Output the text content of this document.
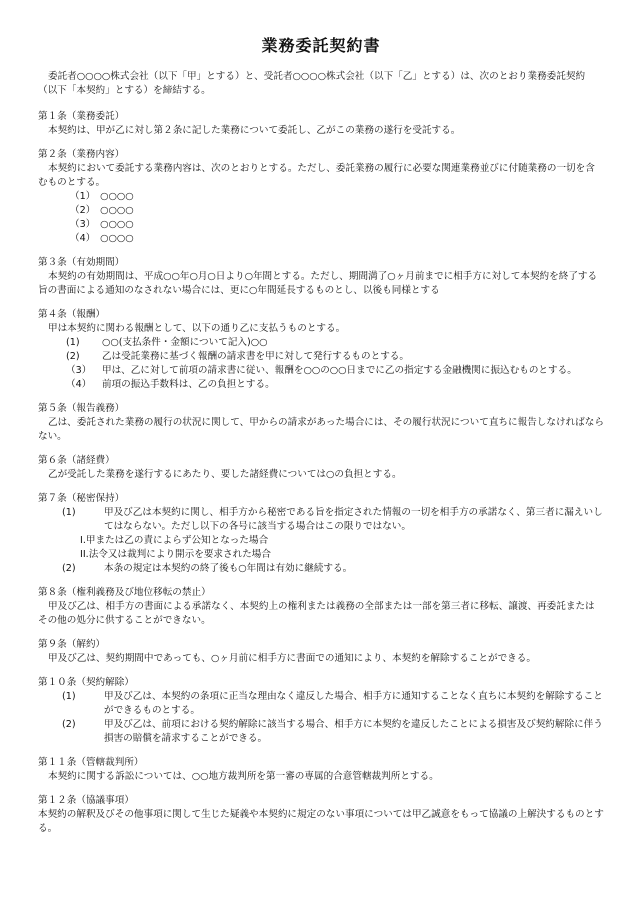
業務委託契約書

委託者○○○○株式会社（以下「甲」とする）と、受託者○○○○株式会社（以下「乙」とする）は、次のとおり業務委託契約（以下「本契約」とする）を締結する。

第１条（業務委託）

本契約は、甲が乙に対し第２条に記した業務について委託し、乙がこの業務の遂行を受託する。

第２条（業務内容）

本契約において委託する業務内容は、次のとおりとする。ただし、委託業務の履行に必要な関連業務並びに付随業務の一切を含むものとする。

（1）　○○○○
（2）　○○○○
（3）　○○○○
（4）　○○○○

第３条（有効期間）

本契約の有効期間は、平成○○年○月○日より○年間とする。ただし、期間満了○ヶ月前までに相手方に対して本契約を終了する旨の書面による通知のなされない場合には、更に○年間延長するものとし、以後も同様とする

第４条（報酬）

甲は本契約に関わる報酬として、以下の通り乙に支払うものとする。

(1)	○○(支払条件・金額について記入)○○
(2)	乙は受託業務に基づく報酬の請求書を甲に対して発行するものとする。
（3）	甲は、乙に対して前項の請求書に従い、報酬を○○の○○日までに乙の指定する金融機関に振込むものとする。
（4）	前項の振込手数料は、乙の負担とする。

第５条（報告義務）

乙は、委託された業務の履行の状況に関して、甲からの請求があった場合には、その履行状況について直ちに報告しなければならない。

第６条（諸経費）

乙が受託した業務を遂行するにあたり、要した諸経費については○の負担とする。

第７条（秘密保持）

(1)	甲及び乙は本契約に関し、相手方から秘密である旨を指定された情報の一切を相手方の承諾なく、第三者に漏えいしてはならない。ただし以下の各号に該当する場合はこの限りではない。
I.甲または乙の責によらず公知となった場合
II.法令又は裁判により開示を要求された場合
(2)	本条の規定は本契約の終了後も○年間は有効に継続する。

第８条（権利義務及び地位移転の禁止）

甲及び乙は、相手方の書面による承諾なく、本契約上の権利または義務の全部または一部を第三者に移転、譲渡、再委託またはその他の処分に供することができない。

第９条（解約）

甲及び乙は、契約期間中であっても、○ヶ月前に相手方に書面での通知により、本契約を解除することができる。

第１０条（契約解除）

(1)	甲及び乙は、本契約の条項に正当な理由なく違反した場合、相手方に通知することなく直ちに本契約を解除することができるものとする。
(2)	甲及び乙は、前項における契約解除に該当する場合、相手方に本契約を違反したことによる損害及び契約解除に伴う損害の賠償を請求することができる。

第１１条（管轄裁判所）

本契約に関する訴訟については、○○地方裁判所を第一審の専属的合意管轄裁判所とする。

第１２条（協議事項）

本契約の解釈及びその他事項に関して生じた疑義や本契約に規定のない事項については甲乙誠意をもって協議の上解決するものとする。
